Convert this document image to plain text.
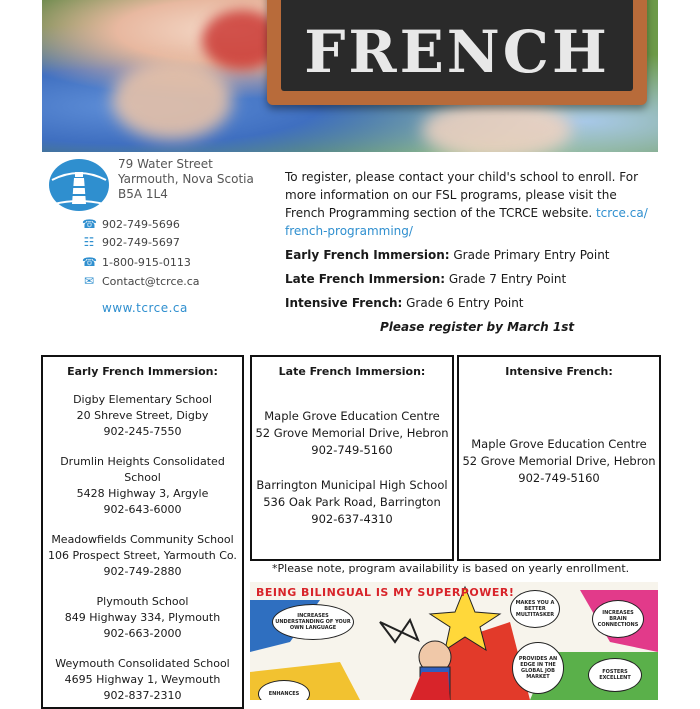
FRENCH
79 Water Street
Yarmouth, Nova Scotia
B5A 1L4
☎ 902-749-5696
☷ 902-749-5697
☎ 1-800-915-0113
✉ Contact@tcrce.ca
www.tcrce.ca
To register, please contact your child's school to enroll. For more information on our FSL programs, please visit the French Programming section of the TCRCE website. tcrce.ca/ french-programming/
Early French Immersion: Grade Primary Entry Point
Late French Immersion: Grade 7 Entry Point
Intensive French: Grade 6 Entry Point
Please register by March 1st
Early French Immersion:
Digby Elementary School
20 Shreve Street, Digby
902-245-7550
Drumlin Heights Consolidated School
5428 Highway 3, Argyle
902-643-6000
Meadowfields Community School
106 Prospect Street, Yarmouth Co.
902-749-2880
Plymouth School
849 Highway 334, Plymouth
902-663-2000
Weymouth Consolidated School
4695 Highway 1, Weymouth
902-837-2310
Late French Immersion:
Maple Grove Education Centre
52 Grove Memorial Drive, Hebron
902-749-5160
Barrington Municipal High School
536 Oak Park Road, Barrington
902-637-4310
Intensive French:
Maple Grove Education Centre
52 Grove Memorial Drive, Hebron
902-749-5160
*Please note, program availability is based on yearly enrollment.
BEING BILINGUAL IS MY SUPERPOWER!
INCREASES UNDERSTANDING OF YOUR OWN LANGUAGE
MAKES YOU A BETTER MULTITASKER	INCREASES BRAIN CONNECTIONS
PROVIDES AN EDGE IN THE GLOBAL JOB MARKET
FOSTERS EXCELLENT
ENHANCES
